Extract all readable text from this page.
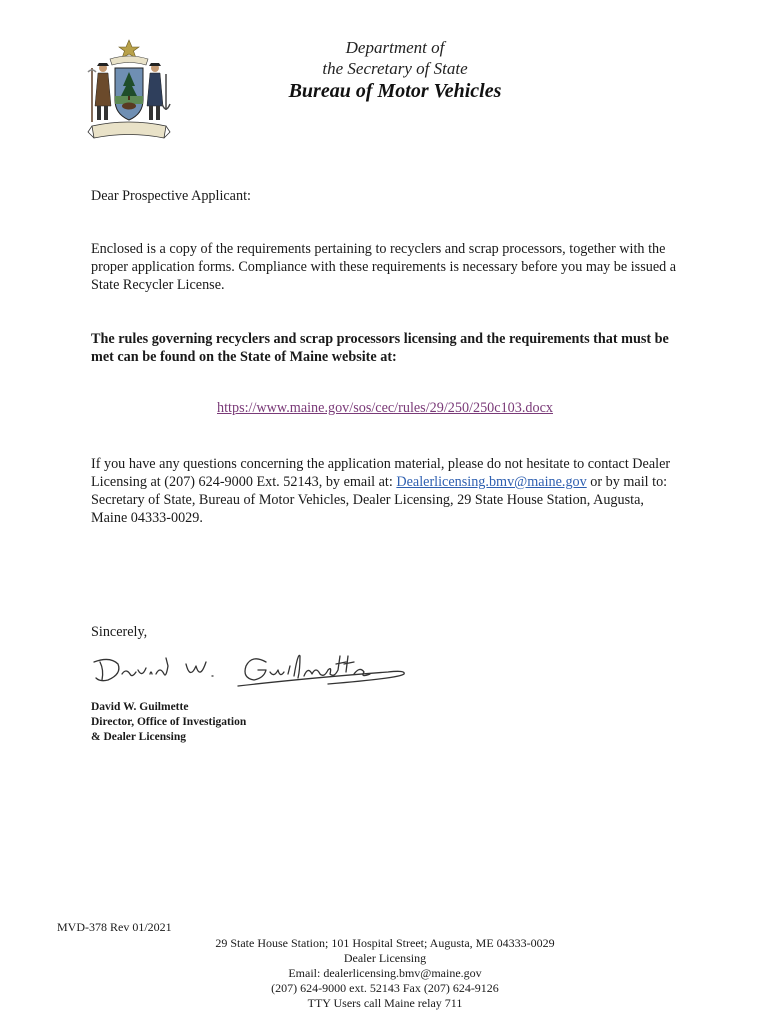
Department of
the Secretary of State
Bureau of Motor Vehicles
Dear Prospective Applicant:
Enclosed is a copy of the requirements pertaining to recyclers and scrap processors, together with the proper application forms. Compliance with these requirements is necessary before you may be issued a State Recycler License.
The rules governing recyclers and scrap processors licensing and the requirements that must be met can be found on the State of Maine website at:
https://www.maine.gov/sos/cec/rules/29/250/250c103.docx
If you have any questions concerning the application material, please do not hesitate to contact Dealer Licensing at (207) 624-9000 Ext. 52143, by email at: Dealerlicensing.bmv@maine.gov or by mail to: Secretary of State, Bureau of Motor Vehicles, Dealer Licensing, 29 State House Station, Augusta, Maine 04333-0029.
Sincerely,
David W. Guilmette
Director, Office of Investigation
& Dealer Licensing
MVD-378 Rev 01/2021
29 State House Station; 101 Hospital Street; Augusta, ME 04333-0029
Dealer Licensing
Email: dealerlicensing.bmv@maine.gov
(207) 624-9000 ext. 52143 Fax (207) 624-9126
TTY Users call Maine relay 711
